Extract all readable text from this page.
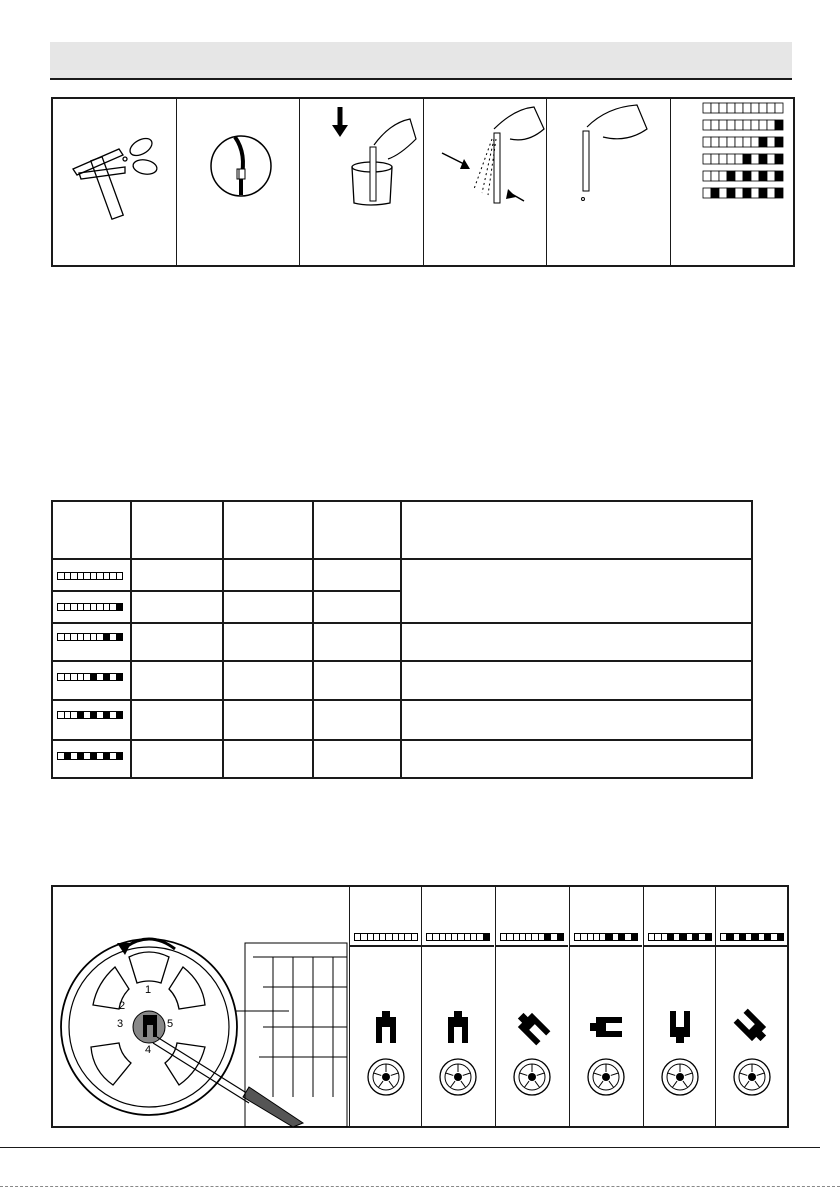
1
2
3
4
5
